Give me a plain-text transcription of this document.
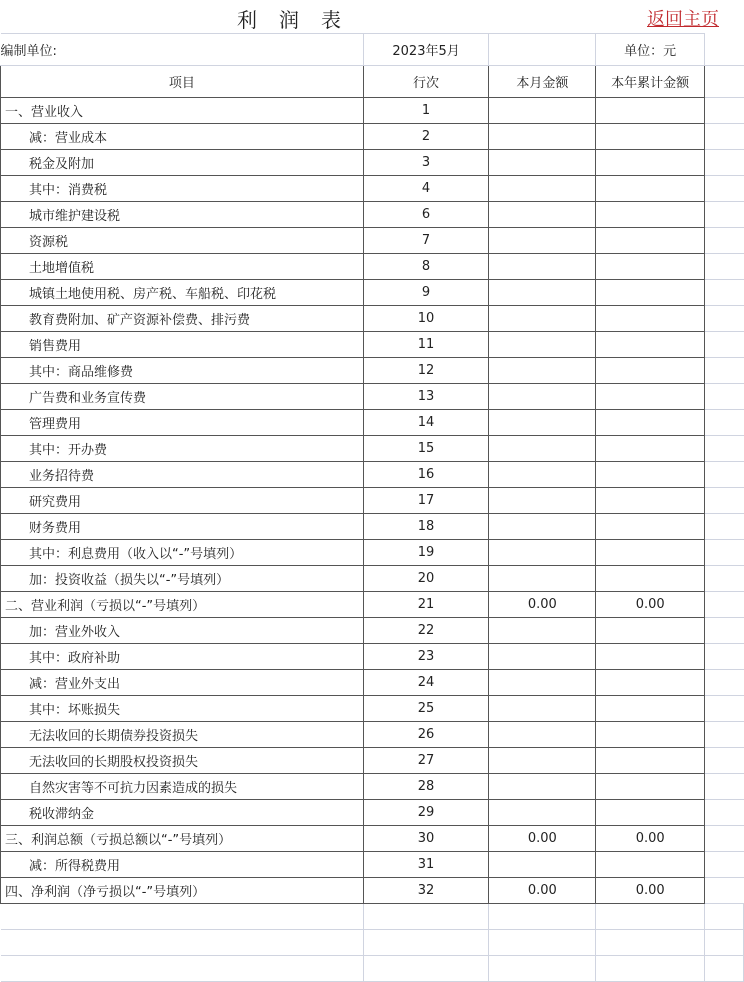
利润表	返回主页
编制单位:	2023年5月		单位：元	
项目	行次	本月金额	本年累计金额	
一、营业收入	1			
减：营业成本	2			
税金及附加	3			
其中：消费税	4			
城市维护建设税	6			
资源税	7			
土地增值税	8			
城镇土地使用税、房产税、车船税、印花税	9			
教育费附加、矿产资源补偿费、排污费	10			
销售费用	11			
其中：商品维修费	12			
广告费和业务宣传费	13			
管理费用	14			
其中：开办费	15			
业务招待费	16			
研究费用	17			
财务费用	18			
其中：利息费用（收入以“-”号填列）	19			
加：投资收益（损失以“-”号填列）	20			
二、营业利润（亏损以“-”号填列）	21	0.00	0.00	
加：营业外收入	22			
其中：政府补助	23			
减：营业外支出	24			
其中：坏账损失	25			
无法收回的长期债券投资损失	26			
无法收回的长期股权投资损失	27			
自然灾害等不可抗力因素造成的损失	28			
税收滞纳金	29			
三、利润总额（亏损总额以“-”号填列）	30	0.00	0.00	
减：所得税费用	31			
四、净利润（净亏损以“-”号填列）	32	0.00	0.00	
